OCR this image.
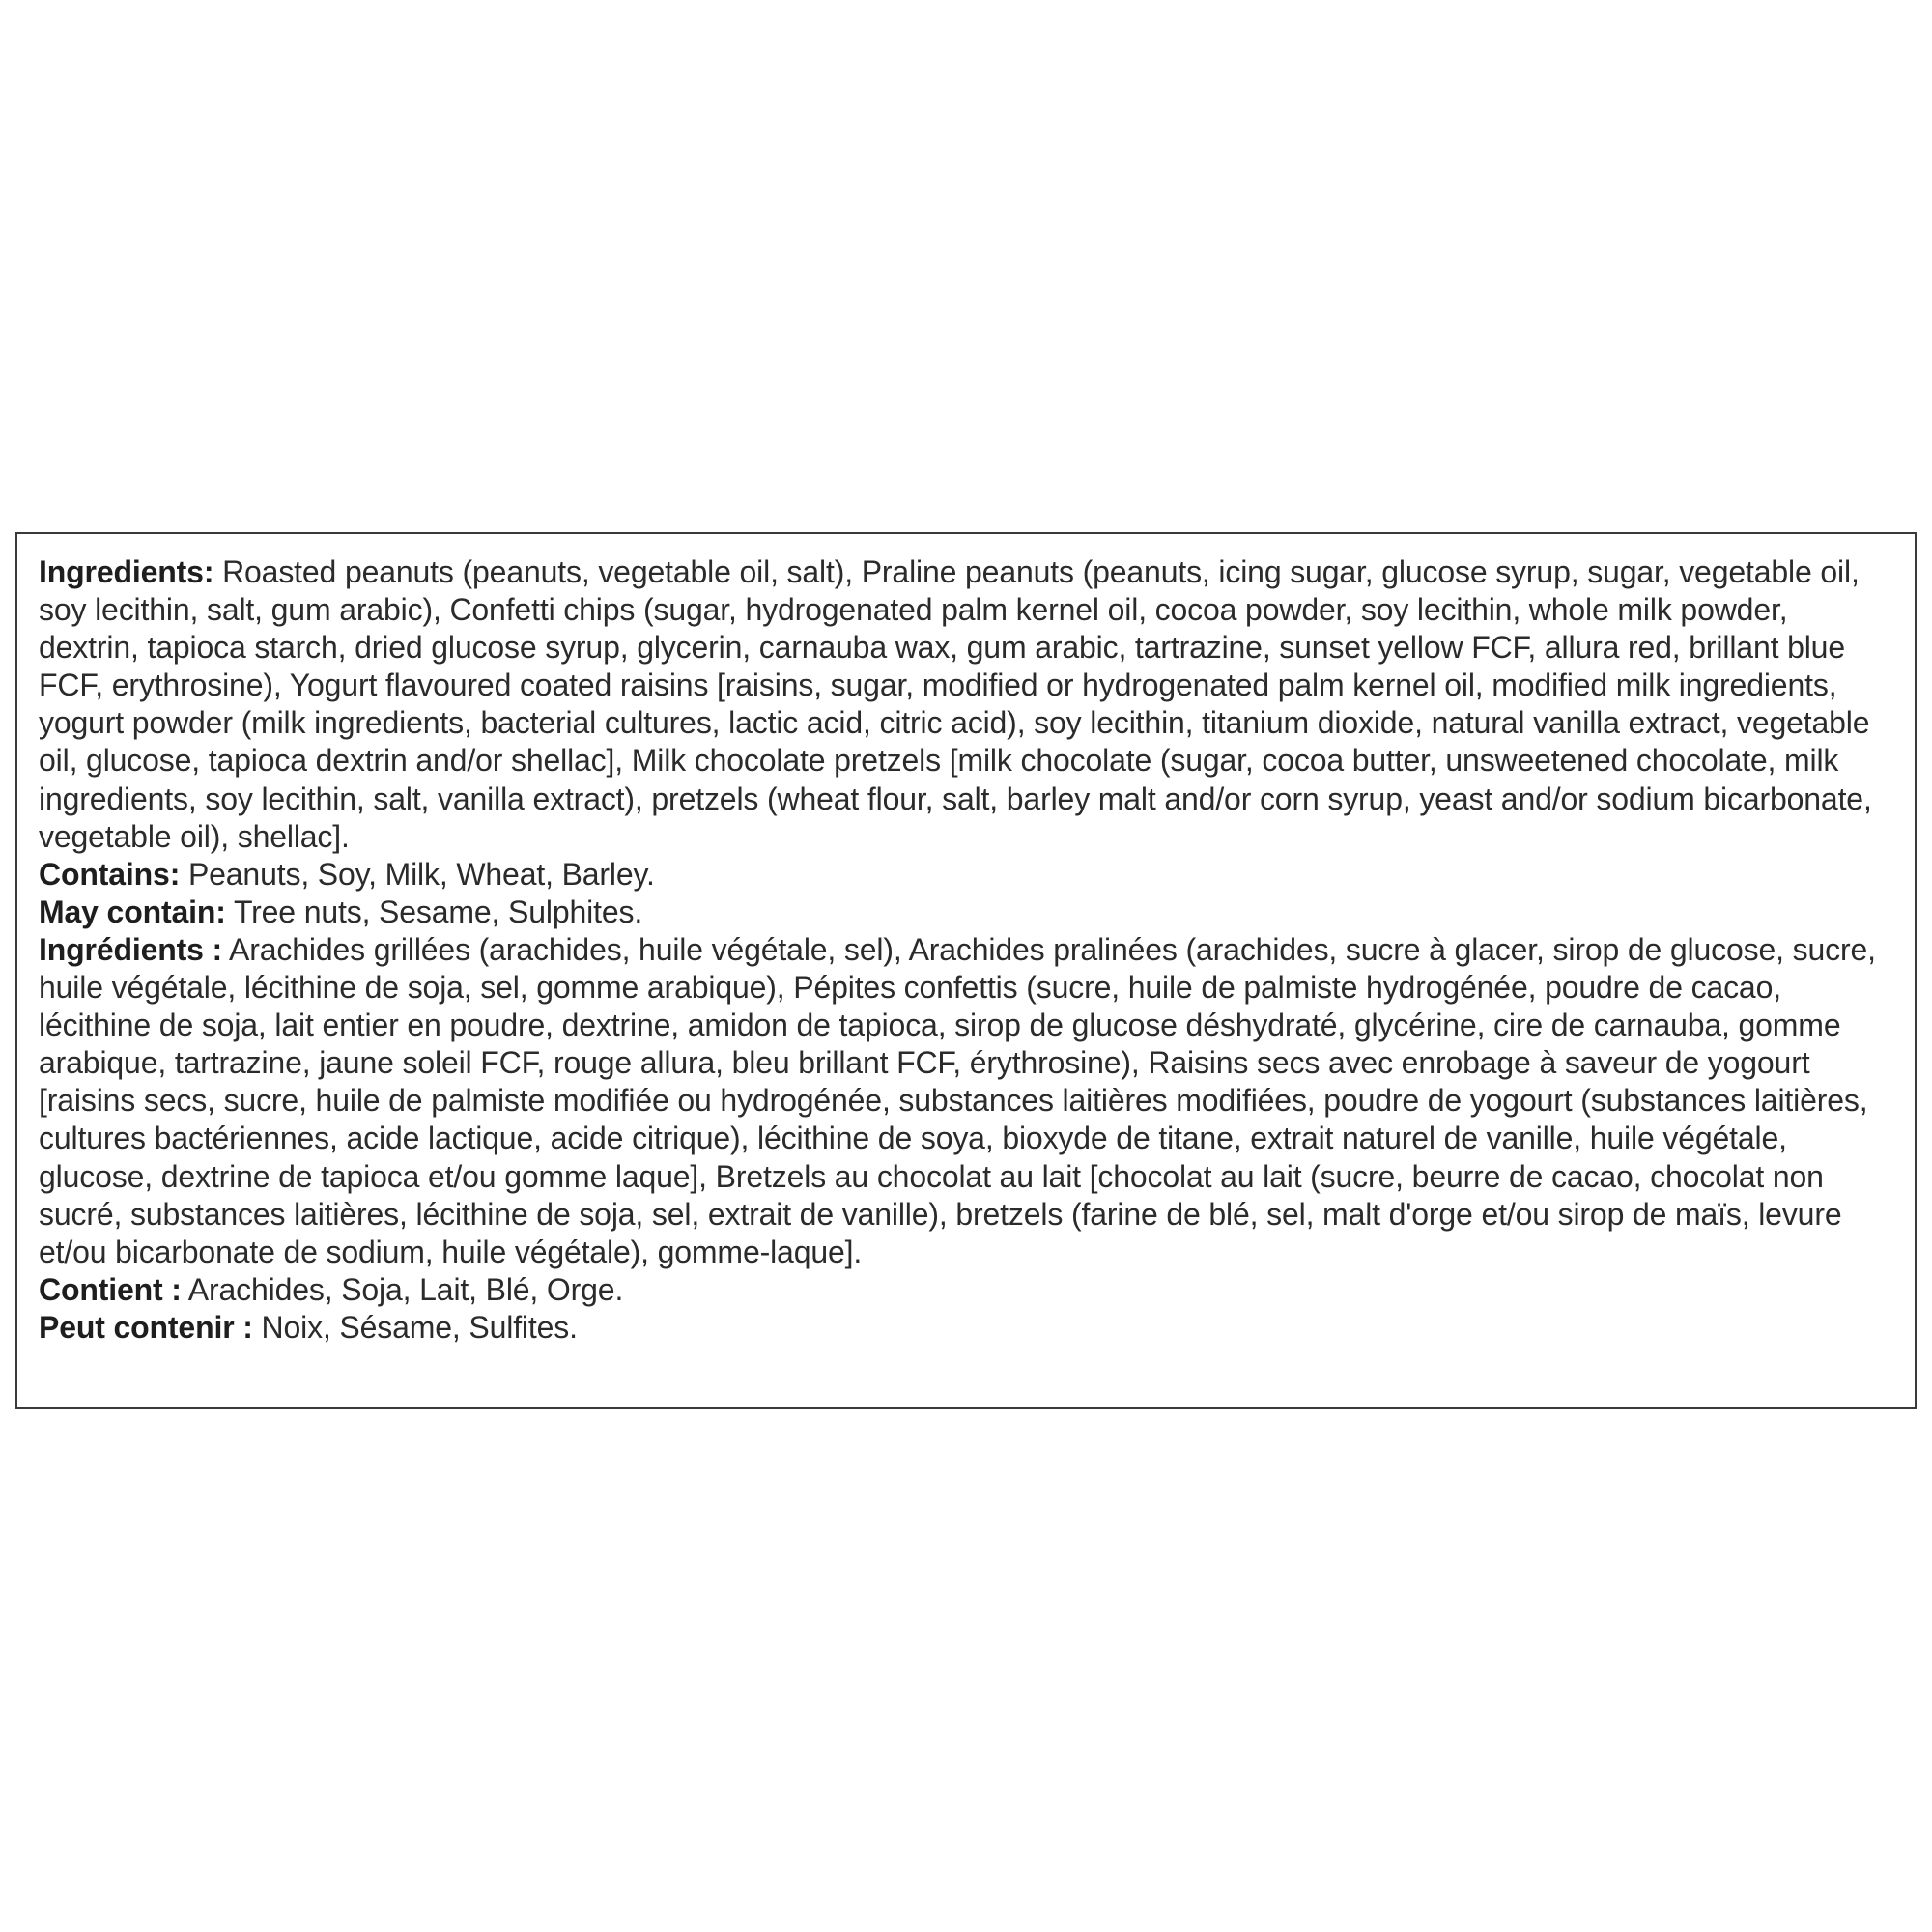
Ingredients: Roasted peanuts (peanuts, vegetable oil, salt), Praline peanuts (peanuts, icing sugar, glucose syrup, sugar, vegetable oil, soy lecithin, salt, gum arabic), Confetti chips (sugar, hydrogenated palm kernel oil, cocoa powder, soy lecithin, whole milk powder, dextrin, tapioca starch, dried glucose syrup, glycerin, carnauba wax, gum arabic, tartrazine, sunset yellow FCF, allura red, brillant blue FCF, erythrosine), Yogurt flavoured coated raisins [raisins, sugar, modified or hydrogenated palm kernel oil, modified milk ingredients, yogurt powder (milk ingredients, bacterial cultures, lactic acid, citric acid), soy lecithin, titanium dioxide, natural vanilla extract, vegetable oil, glucose, tapioca dextrin and/or shellac], Milk chocolate pretzels [milk chocolate (sugar, cocoa butter, unsweetened chocolate, milk ingredients, soy lecithin, salt, vanilla extract), pretzels (wheat flour, salt, barley malt and/or corn syrup, yeast and/or sodium bicarbonate, vegetable oil), shellac].

Contains: Peanuts, Soy, Milk, Wheat, Barley.

May contain: Tree nuts, Sesame, Sulphites.

Ingrédients : Arachides grillées (arachides, huile végétale, sel), Arachides pralinées (arachides, sucre à glacer, sirop de glucose, sucre, huile végétale, lécithine de soja, sel, gomme arabique), Pépites confettis (sucre, huile de palmiste hydrogénée, poudre de cacao, lécithine de soja, lait entier en poudre, dextrine, amidon de tapioca, sirop de glucose déshydraté, glycérine, cire de carnauba, gomme arabique, tartrazine, jaune soleil FCF, rouge allura, bleu brillant FCF, érythrosine), Raisins secs avec enrobage à saveur de yogourt [raisins secs, sucre, huile de palmiste modifiée ou hydrogénée, substances laitières modifiées, poudre de yogourt (substances laitières, cultures bactériennes, acide lactique, acide citrique), lécithine de soya, bioxyde de titane, extrait naturel de vanille, huile végétale, glucose, dextrine de tapioca et/ou gomme laque], Bretzels au chocolat au lait [chocolat au lait (sucre, beurre de cacao, chocolat non sucré, substances laitières, lécithine de soja, sel, extrait de vanille), bretzels (farine de blé, sel, malt d'orge et/ou sirop de maïs, levure et/ou bicarbonate de sodium, huile végétale), gomme-laque].

Contient : Arachides, Soja, Lait, Blé, Orge.

Peut contenir : Noix, Sésame, Sulfites.
